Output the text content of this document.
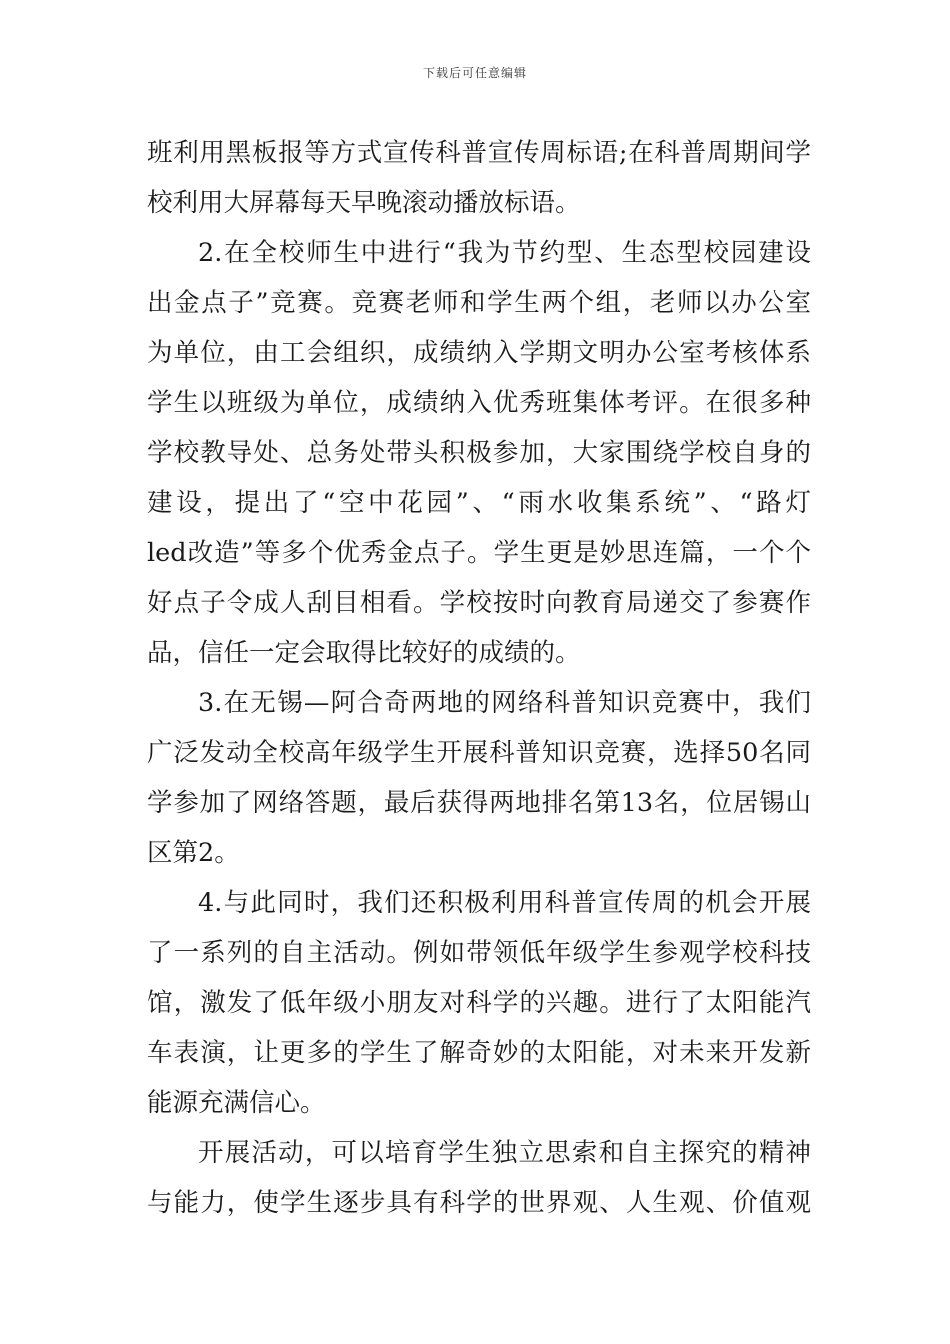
下载后可任意编辑
班利用黑板报等方式宣传科普宣传周标语;在科普周期间学
校利用大屏幕每天早晚滚动播放标语。
2.在全校师生中进行“我为节约型、生态型校园建设
出金点子”竞赛。竞赛老师和学生两个组，老师以办公室
为单位，由工会组织，成绩纳入学期文明办公室考核体系
学生以班级为单位，成绩纳入优秀班集体考评。在很多种
学校教导处、总务处带头积极参加，大家围绕学校自身的
建设，提出了“空中花园”、“雨水收集系统”、“路灯
led改造”等多个优秀金点子。学生更是妙思连篇，一个个
好点子令成人刮目相看。学校按时向教育局递交了参赛作
品，信任一定会取得比较好的成绩的。
3.在无锡—阿合奇两地的网络科普知识竞赛中，我们
广泛发动全校高年级学生开展科普知识竞赛，选择50名同
学参加了网络答题，最后获得两地排名第13名，位居锡山
区第2。
4.与此同时，我们还积极利用科普宣传周的机会开展
了一系列的自主活动。例如带领低年级学生参观学校科技
馆，激发了低年级小朋友对科学的兴趣。进行了太阳能汽
车表演，让更多的学生了解奇妙的太阳能，对未来开发新
能源充满信心。
开展活动，可以培育学生独立思索和自主探究的精神
与能力，使学生逐步具有科学的世界观、人生观、价值观
